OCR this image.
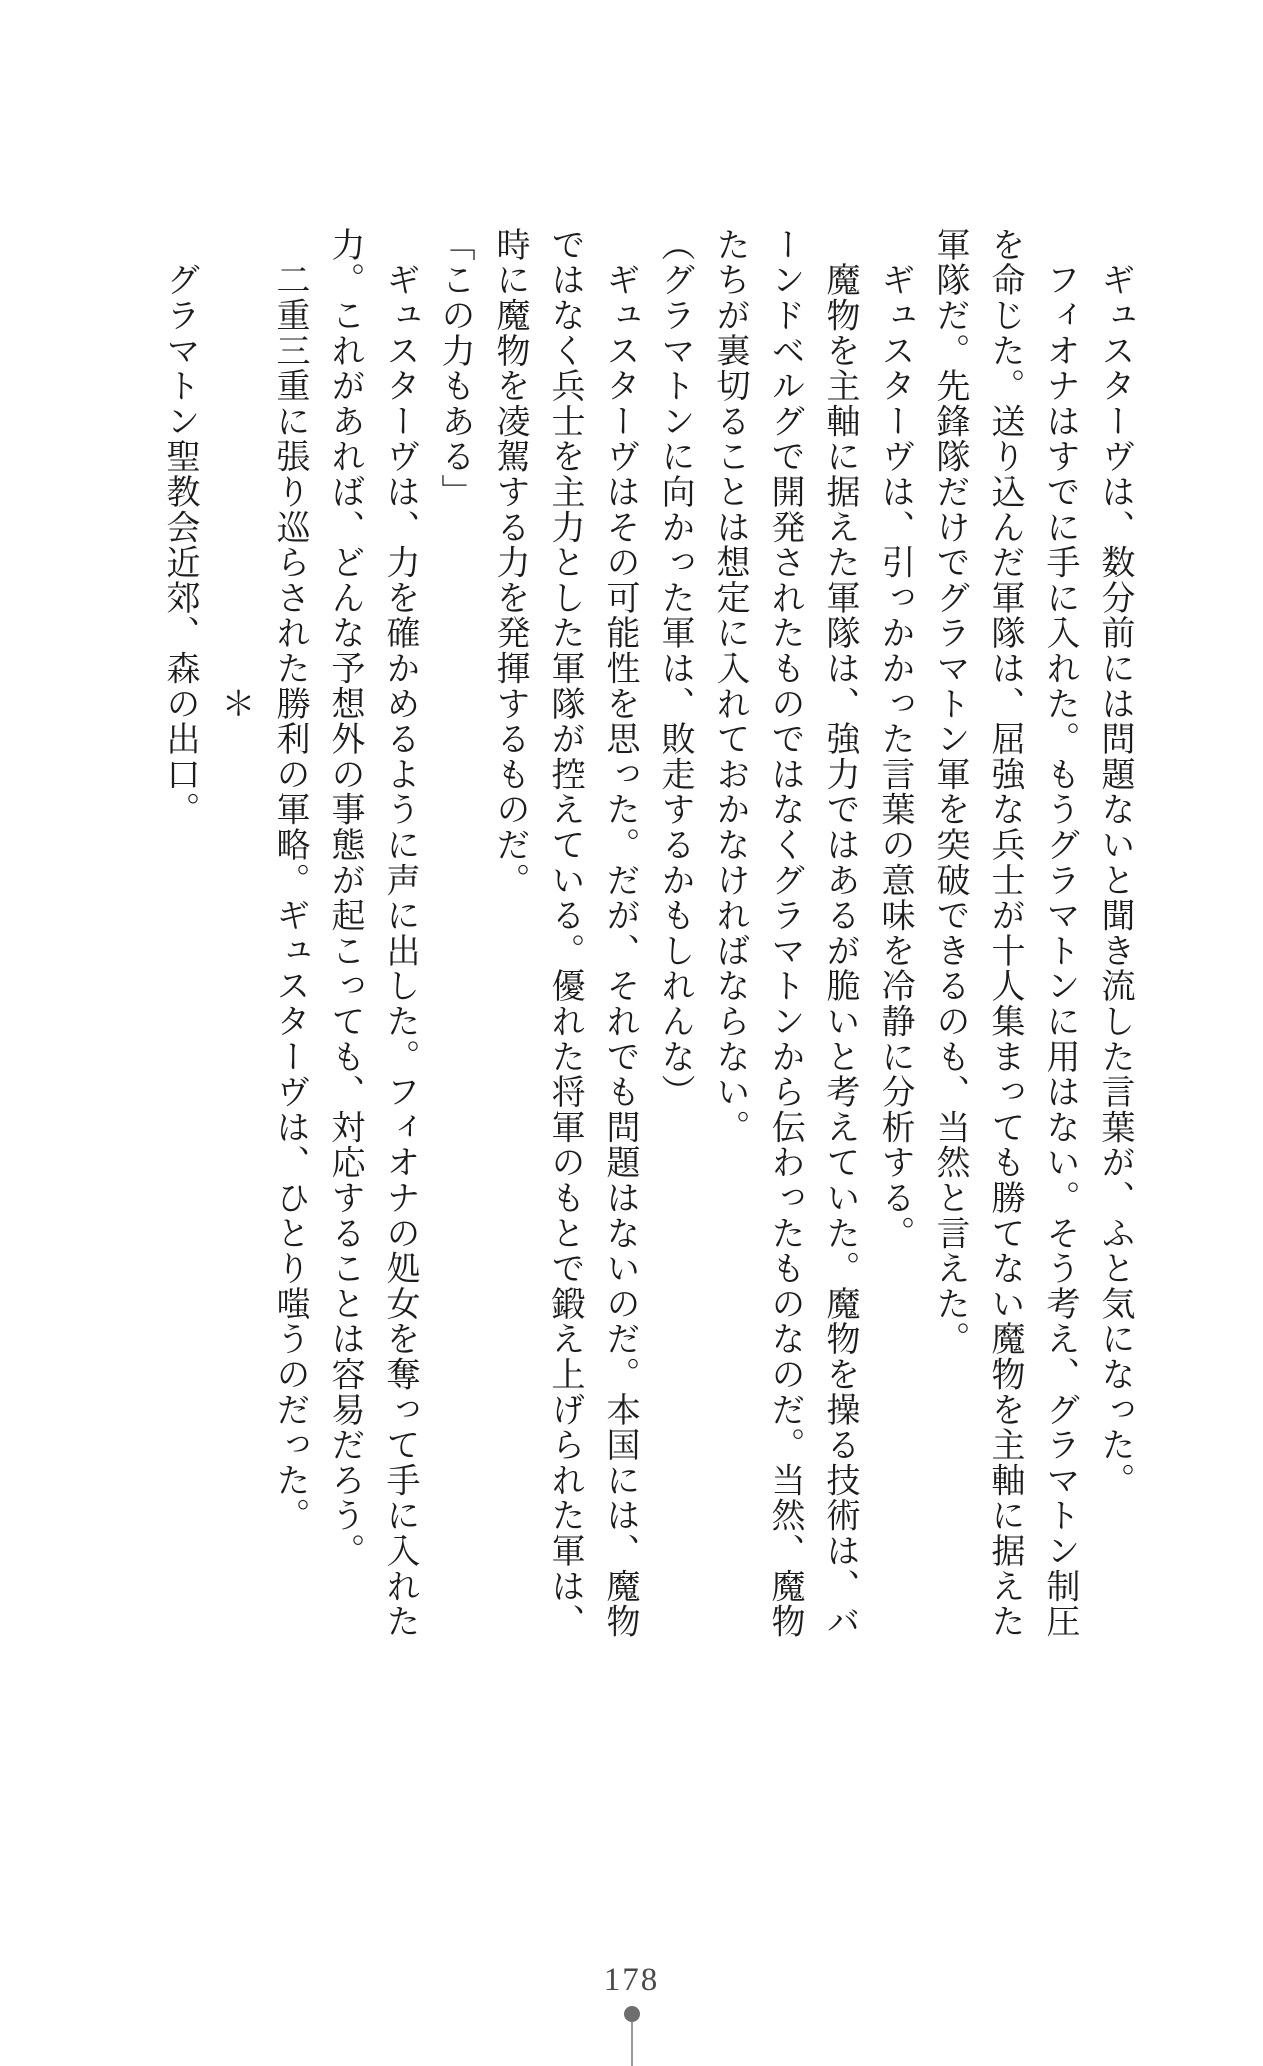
　ギュスターヴは、数分前には問題ないと聞き流した言葉が、ふと気になった。

　フィオナはすでに手に入れた。もうグラマトンに用はない。そう考え、グラマトン制圧を命じた。送り込んだ軍隊は、屈強な兵士が十人集まっても勝てない魔物を主軸に据えた軍隊だ。先鋒隊だけでグラマトン軍を突破できるのも、当然と言えた。

　ギュスターヴは、引っかかった言葉の意味を冷静に分析する。

　魔物を主軸に据えた軍隊は、強力ではあるが脆いと考えていた。魔物を操る技術は、バーンドベルグで開発されたものではなくグラマトンから伝わったものなのだ。当然、魔物たちが裏切ることは想定に入れておかなければならない。

（グラマトンに向かった軍は、敗走するかもしれんな）

　ギュスターヴはその可能性を思った。だが、それでも問題はないのだ。本国には、魔物ではなく兵士を主力とした軍隊が控えている。優れた将軍のもとで鍛え上げられた軍は、時に魔物を凌駕する力を発揮するものだ。

「この力もある」

　ギュスターヴは、力を確かめるように声に出した。フィオナの処女を奪って手に入れた力。これがあれば、どんな予想外の事態が起こっても、対応することは容易だろう。

　二重三重に張り巡らされた勝利の軍略。ギュスターヴは、ひとり嗤うのだった。

　　　　　　　　　　　　　＊

　グラマトン聖教会近郊、森の出口。

178
